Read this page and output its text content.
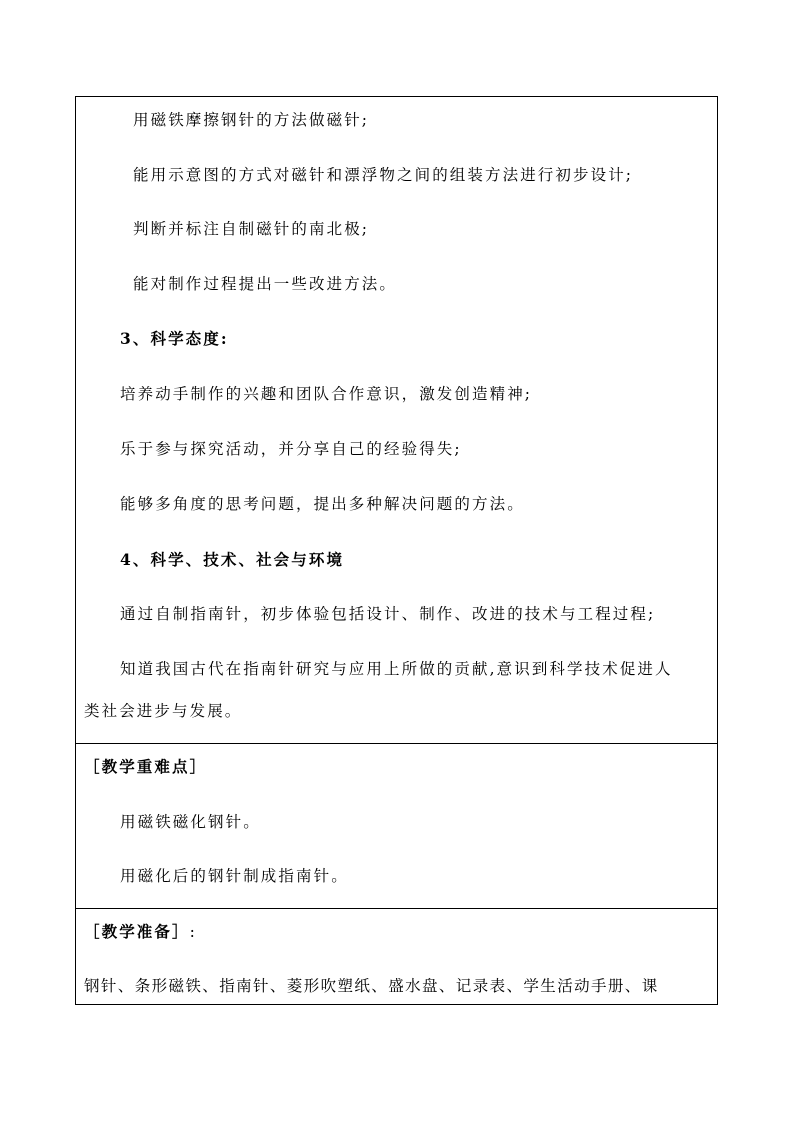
用磁铁摩擦钢针的方法做磁针;
能用示意图的方式对磁针和漂浮物之间的组装方法进行初步设计;
判断并标注自制磁针的南北极;
能对制作过程提出一些改进方法。
3、科学态度:
培养动手制作的兴趣和团队合作意识，激发创造精神;
乐于参与探究活动，并分享自己的经验得失;
能够多角度的思考问题，提出多种解决问题的方法。
4、科学、技术、社会与环境
通过自制指南针，初步体验包括设计、制作、改进的技术与工程过程;
知道我国古代在指南针研究与应用上所做的贡献,意识到科学技术促进人
类社会进步与发展。
［教学重难点］
用磁铁磁化钢针。
用磁化后的钢针制成指南针。
［教学准备］:
钢针、条形磁铁、指南针、菱形吹塑纸、盛水盘、记录表、学生活动手册、课
